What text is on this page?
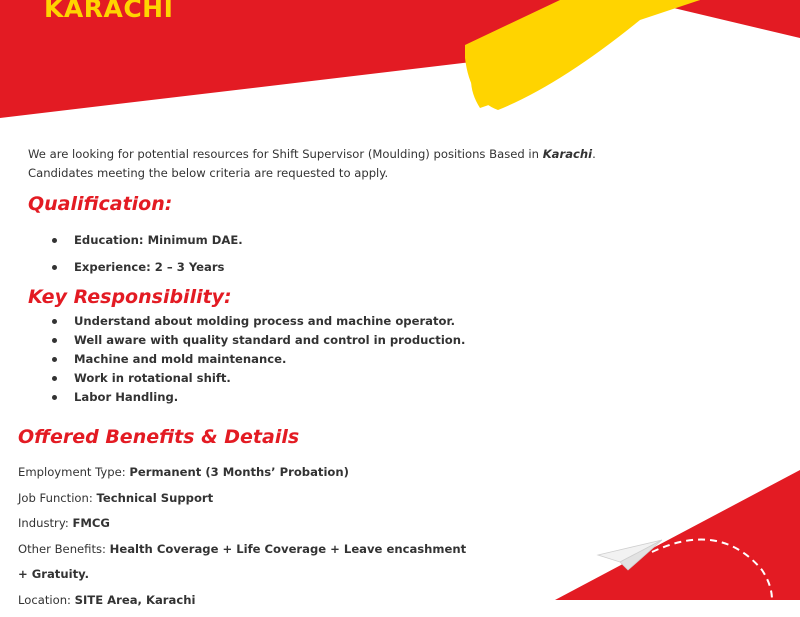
KARACHI

We are looking for potential resources for Shift Supervisor (Moulding) positions Based in Karachi.
Candidates meeting the below criteria are requested to apply.

Qualification:
Education: Minimum DAE.
Experience: 2 – 3 Years
Key Responsibility:
Understand about molding process and machine operator.
Well aware with quality standard and control in production.
Machine and mold maintenance.
Work in rotational shift.
Labor Handling.
Offered Benefits & Details
Employment Type: Permanent (3 Months’ Probation)
Job Function: Technical Support
Industry: FMCG
Other Benefits: Health Coverage + Life Coverage + Leave encashment
+ Gratuity.
Location: SITE Area, Karachi
